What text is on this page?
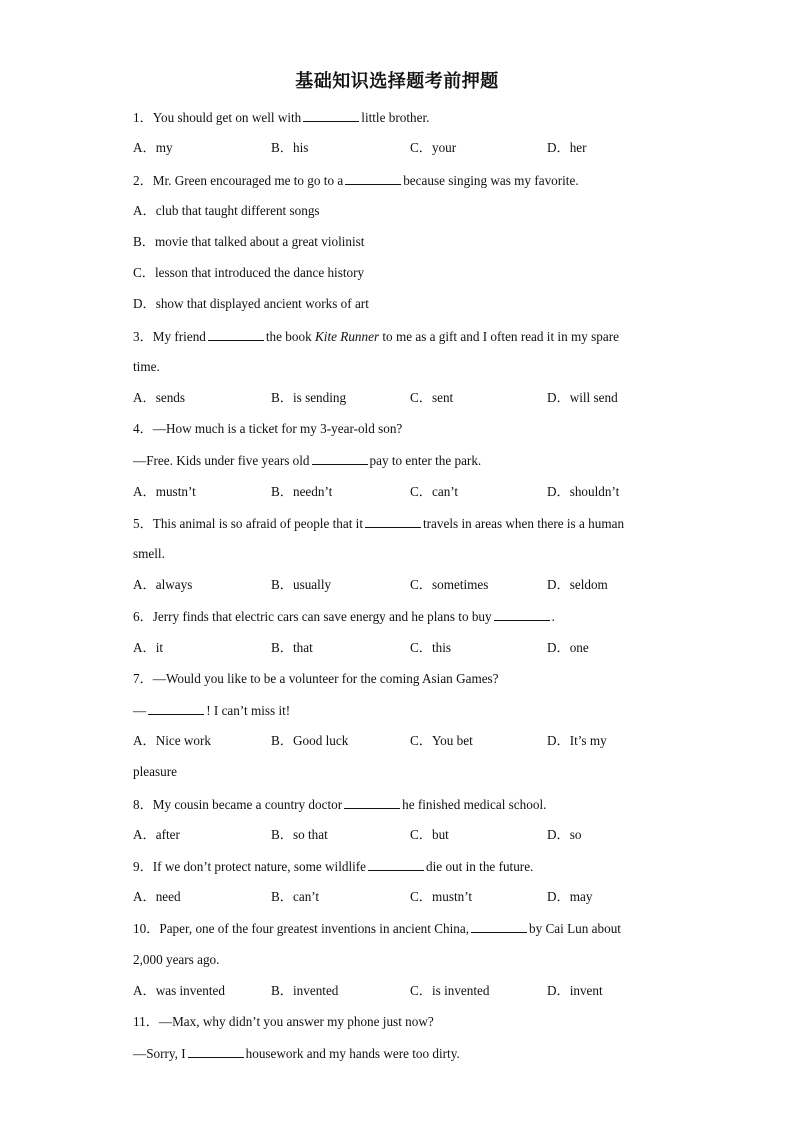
基础知识选择题考前押题
1．You should get on well with	little brother.
A．my	B．his	C．your	D．her
2．Mr. Green encouraged me to go to a	because singing was my favorite.
A．club that taught different songs
B．movie that talked about a great violinist
C．lesson that introduced the dance history
D．show that displayed ancient works of art
3．My friend	the book Kite Runner to me as a gift and I often read it in my spare
time.
A．sends	B．is sending	C．sent	D．will send
4．—How much is a ticket for my 3-year-old son?
—Free. Kids under five years old	pay to enter the park.
A．mustn’t	B．needn’t	C．can’t	D．shouldn’t
5．This animal is so afraid of people that it	travels in areas when there is a human
smell.
A．always	B．usually	C．sometimes	D．seldom
6．Jerry finds that electric cars can save energy and he plans to buy	.
A．it	B．that	C．this	D．one
7．—Would you like to be a volunteer for the coming Asian Games?
—	! I can’t miss it!
A．Nice work	B．Good luck	C．You bet	D．It’s my
pleasure
8．My cousin became a country doctor	he finished medical school.
A．after	B．so that	C．but	D．so
9．If we don’t protect nature, some wildlife	die out in the future.
A．need	B．can’t	C．mustn’t	D．may
10．Paper, one of the four greatest inventions in ancient China,	by Cai Lun about
2,000 years ago.
A．was invented	B．invented	C．is invented	D．invent
11．—Max, why didn’t you answer my phone just now?
—Sorry, I	housework and my hands were too dirty.
